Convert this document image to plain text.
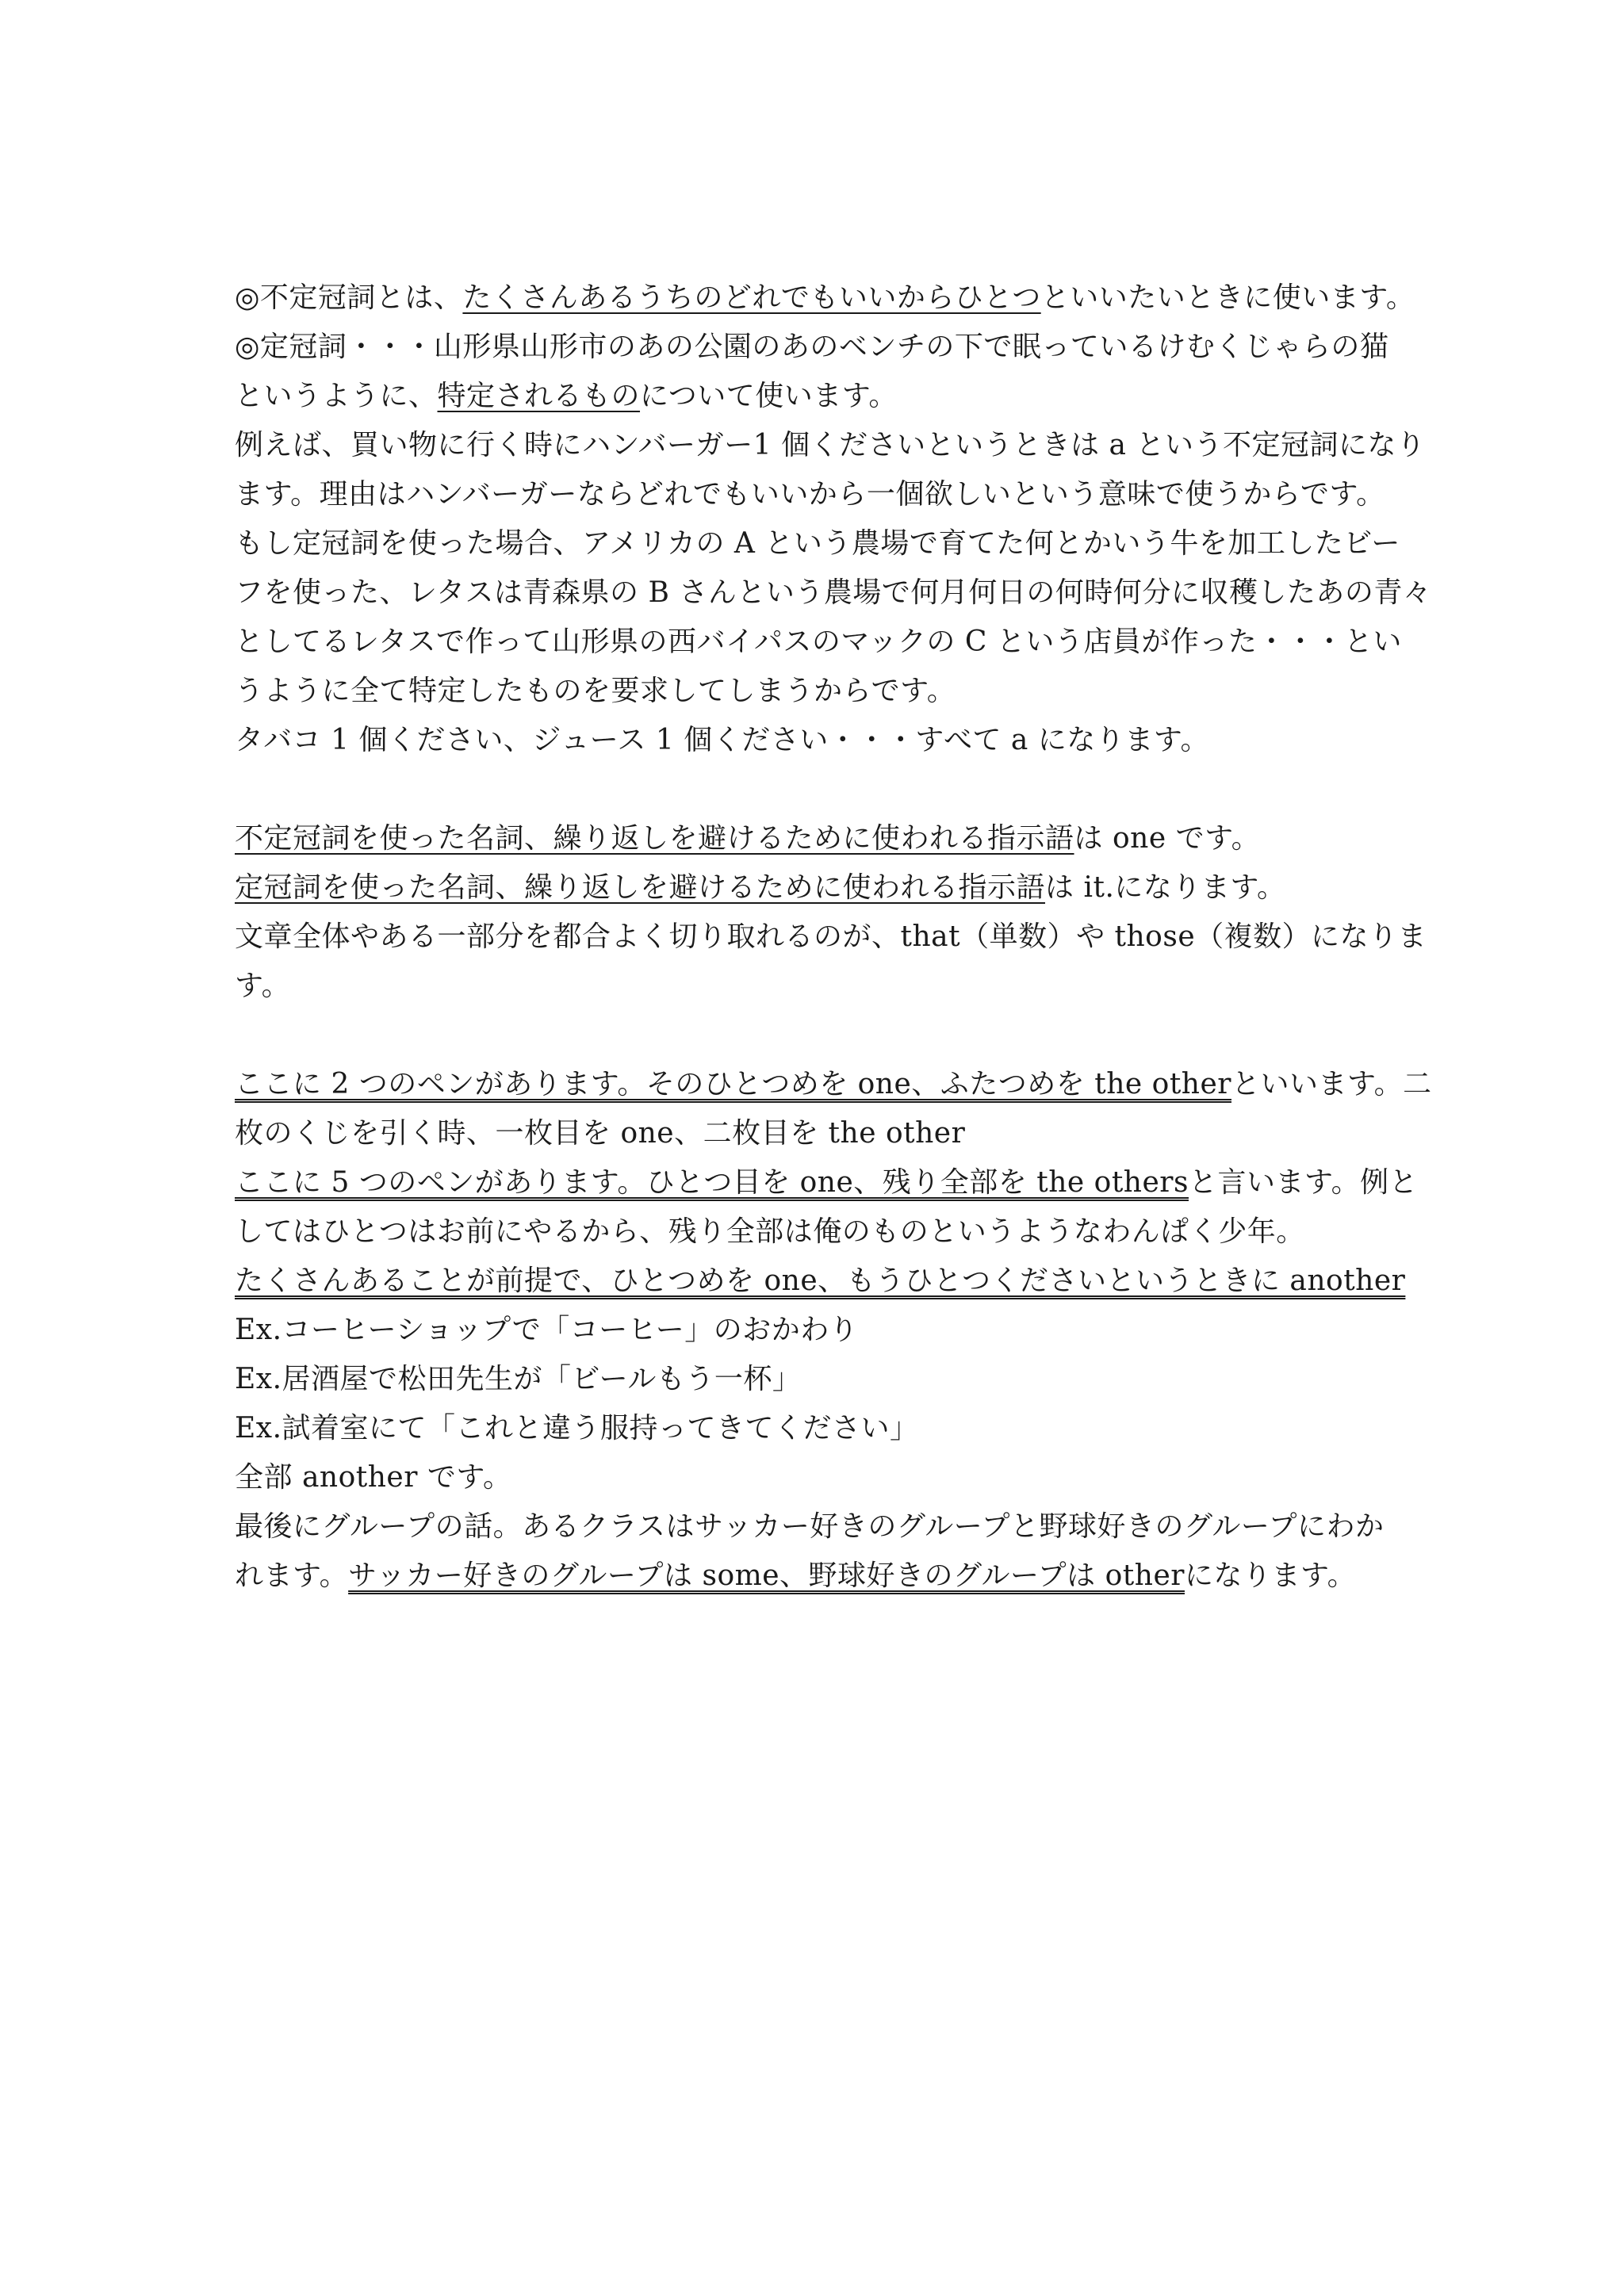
◎不定冠詞とは、たくさんあるうちのどれでもいいからひとつといいたいときに使います。
◎定冠詞・・・山形県山形市のあの公園のあのベンチの下で眠っているけむくじゃらの猫
というように、特定されるものについて使います。
例えば、買い物に行く時にハンバーガー1 個くださいというときは a という不定冠詞になり
ます。理由はハンバーガーならどれでもいいから一個欲しいという意味で使うからです。
もし定冠詞を使った場合、アメリカの A という農場で育てた何とかいう牛を加工したビー
フを使った、レタスは青森県の B さんという農場で何月何日の何時何分に収穫したあの青々
としてるレタスで作って山形県の西バイパスのマックの C という店員が作った・・・とい
うように全て特定したものを要求してしまうからです。
タバコ 1 個ください、ジュース 1 個ください・・・すべて a になります。
不定冠詞を使った名詞、繰り返しを避けるために使われる指示語は one です。
定冠詞を使った名詞、繰り返しを避けるために使われる指示語は it.になります。
文章全体やある一部分を都合よく切り取れるのが、that（単数）や those（複数）になりま
す。
ここに 2 つのペンがあります。そのひとつめを one、ふたつめを the otherといいます。二
枚のくじを引く時、一枚目を one、二枚目を the other
ここに 5 つのペンがあります。ひとつ目を one、残り全部を the othersと言います。例と
してはひとつはお前にやるから、残り全部は俺のものというようなわんぱく少年。
たくさんあることが前提で、ひとつめを one、もうひとつくださいというときに another
Ex.コーヒーショップで「コーヒー」のおかわり
Ex.居酒屋で松田先生が「ビールもう一杯」
Ex.試着室にて「これと違う服持ってきてください」
全部 another です。
最後にグループの話。あるクラスはサッカー好きのグループと野球好きのグループにわか
れます。サッカー好きのグループは some、野球好きのグループは otherになります。
